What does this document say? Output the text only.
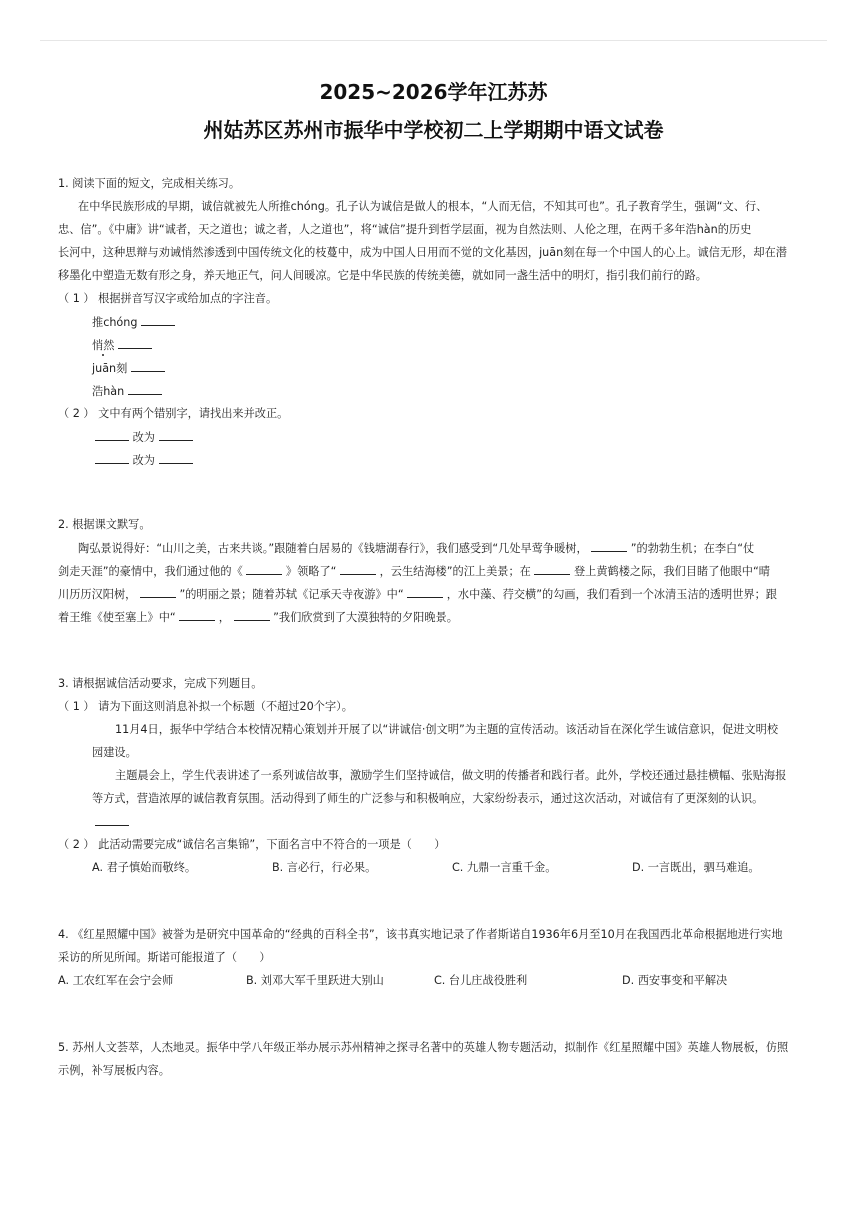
2025~2026学年江苏苏
州姑苏区苏州市振华中学校初二上学期期中语文试卷
1. 阅读下面的短文，完成相关练习。
在中华民族形成的早期，诚信就被先人所推chóng。孔子认为诚信是做人的根本，“人而无信，不知其可也”。孔子教育学生，强调“文、行、
忠、信”。《中庸》讲“诚者，天之道也；诚之者，人之道也”，将“诚信”提升到哲学层面，视为自然法则、人伦之理，在两千多年浩hàn的历史
长河中，这种思辩与劝诫悄然渗透到中国传统文化的枝蔓中，成为中国人日用而不觉的文化基因，juān刻在每一个中国人的心上。诚信无形，却在潜
移墨化中塑造无数有形之身，养天地正气，问人间暖凉。它是中华民族的传统美德，就如同一盏生活中的明灯，指引我们前行的路。
（ 1 ） 根据拼音写汉字或给加点的字注音。
推chóng
悄然
juān刻
浩hàn
（ 2 ） 文中有两个错别字，请找出来并改正。
改为
改为
2. 根据课文默写。
陶弘景说得好：“山川之美，古来共谈。”跟随着白居易的《钱塘湖春行》，我们感受到“几处早莺争暖树，	”的勃勃生机；在李白“仗
剑走天涯”的豪情中，我们通过他的《	》领略了“	，云生结海楼”的江上美景；在	登上黄鹤楼之际，我们目睹了他眼中“晴
川历历汉阳树，	”的明丽之景；随着苏轼《记承天寺夜游》中“	，水中藻、荇交横”的勾画，我们看到一个冰清玉洁的透明世界；跟
着王维《使至塞上》中“	，	”我们欣赏到了大漠独特的夕阳晚景。
3. 请根据诚信活动要求，完成下列题目。
（ 1 ） 请为下面这则消息补拟一个标题（不超过20个字）。
11月4日，振华中学结合本校情况精心策划并开展了以“讲诚信·创文明”为主题的宣传活动。该活动旨在深化学生诚信意识，促进文明校
园建设。
主题晨会上，学生代表讲述了一系列诚信故事，激励学生们坚持诚信，做文明的传播者和践行者。此外，学校还通过悬挂横幅、张贴海报
等方式，营造浓厚的诚信教育氛围。活动得到了师生的广泛参与和积极响应，大家纷纷表示，通过这次活动，对诚信有了更深刻的认识。
（ 2 ） 此活动需要完成“诚信名言集锦”，下面名言中不符合的一项是（　　）
A. 君子慎始而敬终。	B. 言必行，行必果。	C. 九鼎一言重千金。	D. 一言既出，驷马难追。
4. 《红星照耀中国》被誉为是研究中国革命的“经典的百科全书”，该书真实地记录了作者斯诺自1936年6月至10月在我国西北革命根据地进行实地
采访的所见所闻。斯诺可能报道了（　　）
A. 工农红军在会宁会师	B. 刘邓大军千里跃进大别山	C. 台儿庄战役胜利	D. 西安事变和平解决
5. 苏州人文荟萃，人杰地灵。振华中学八年级正举办展示苏州精神之探寻名著中的英雄人物专题活动，拟制作《红星照耀中国》英雄人物展板，仿照
示例，补写展板内容。
